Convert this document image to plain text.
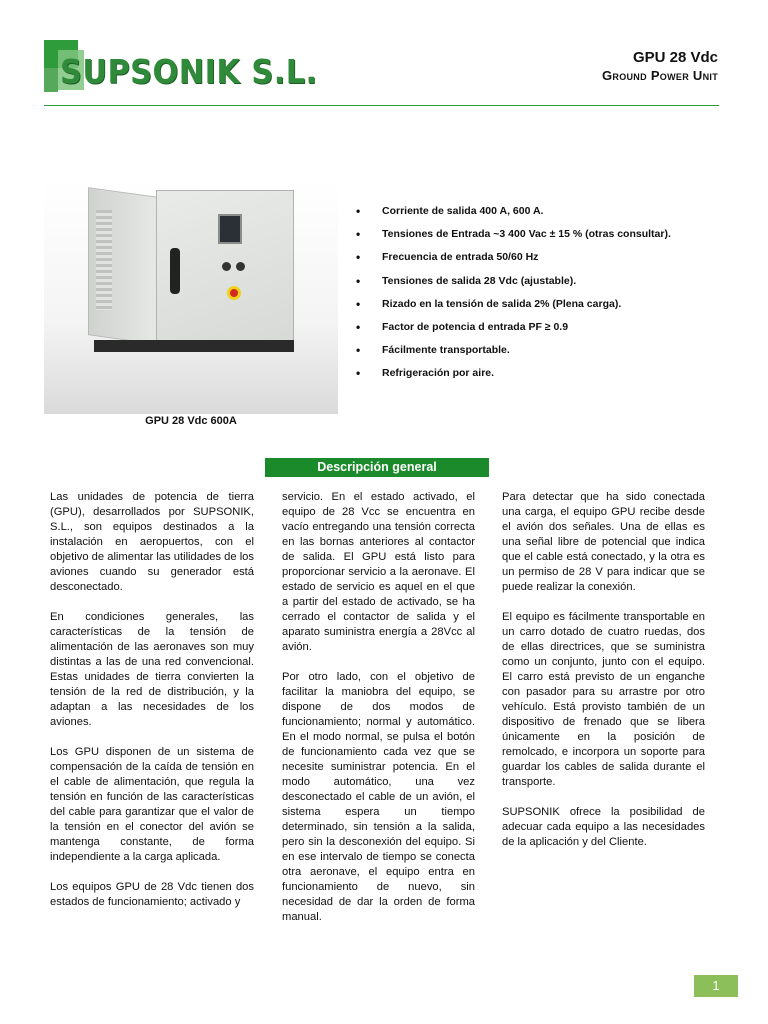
SUPSONIK S.L.	GPU 28 Vdc
Ground Power Unit
GPU 28 Vdc 600A
• Corriente de salida 400 A, 600 A.
• Tensiones de Entrada ~3 400 Vac ± 15 % (otras consultar).
• Frecuencia de entrada 50/60 Hz
• Tensiones de salida 28 Vdc (ajustable).
• Rizado en la tensión de salida 2% (Plena carga).
• Factor de potencia d entrada PF ≥ 0.9
• Fácilmente transportable.
• Refrigeración por aire.
Descripción general

Las unidades de potencia de tierra (GPU), desarrollados por SUPSONIK, S.L., son equipos destinados a la instalación en aeropuertos, con el objetivo de alimentar las utilidades de los aviones cuando su generador está desconectado.

En condiciones generales, las características de la tensión de alimentación de las aeronaves son muy distintas a las de una red convencional. Estas unidades de tierra convierten la tensión de la red de distribución, y la adaptan a las necesidades de los aviones.

Los GPU disponen de un sistema de compensación de la caída de tensión en el cable de alimentación, que regula la tensión en función de las características del cable para garantizar que el valor de la tensión en el conector del avión se mantenga constante, de forma independiente a la carga aplicada.

Los equipos GPU de 28 Vdc tienen dos estados de funcionamiento; activado y

servicio. En el estado activado, el equipo de 28 Vcc se encuentra en vacío entregando una tensión correcta en las bornas anteriores al contactor de salida. El GPU está listo para proporcionar servicio a la aeronave. El estado de servicio es aquel en el que a partir del estado de activado, se ha cerrado el contactor de salida y el aparato suministra energía a 28Vcc al avión.

Por otro lado, con el objetivo de facilitar la maniobra del equipo, se dispone de dos modos de funcionamiento; normal y automático. En el modo normal, se pulsa el botón de funcionamiento cada vez que se necesite suministrar potencia. En el modo automático, una vez desconectado el cable de un avión, el sistema espera un tiempo determinado, sin tensión a la salida, pero sin la desconexión del equipo. Si en ese intervalo de tiempo se conecta otra aeronave, el equipo entra en funcionamiento de nuevo, sin necesidad de dar la orden de forma manual.

Para detectar que ha sido conectada una carga, el equipo GPU recibe desde el avión dos señales. Una de ellas es una señal libre de potencial que indica que el cable está conectado, y la otra es un permiso de 28 V para indicar que se puede realizar la conexión.

El equipo es fácilmente transportable en un carro dotado de cuatro ruedas, dos de ellas directrices, que se suministra como un conjunto, junto con el equipo. El carro está previsto de un enganche con pasador para su arrastre por otro vehículo. Está provisto también de un dispositivo de frenado que se libera únicamente en la posición de remolcado, e incorpora un soporte para guardar los cables de salida durante el transporte.

SUPSONIK ofrece la posibilidad de adecuar cada equipo a las necesidades de la aplicación y del Cliente.

1
